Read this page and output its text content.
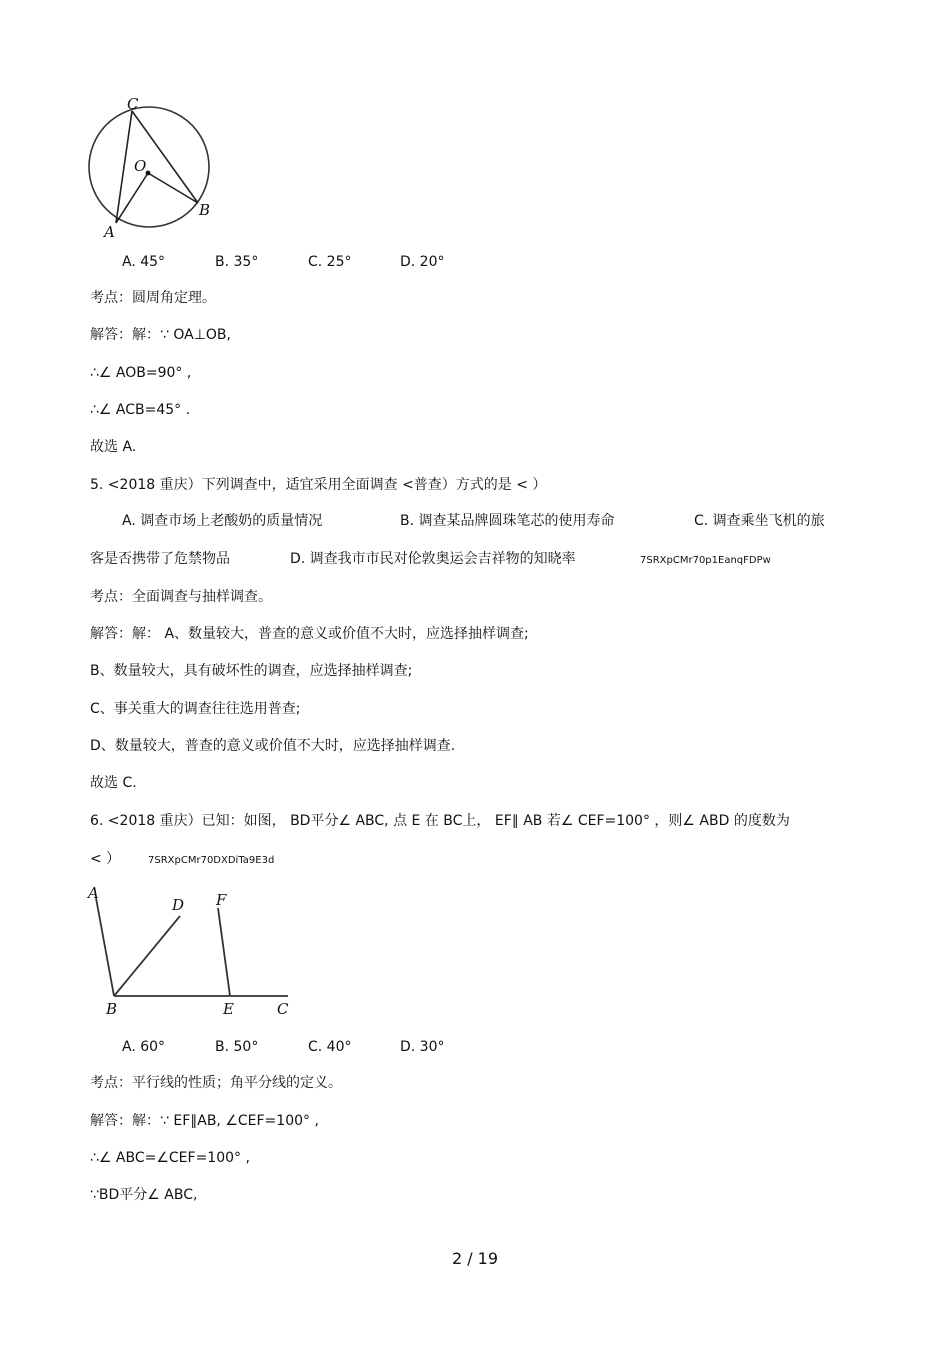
C
O
A
B
A. 45°	B. 35°	C. 25°	D. 20°
考点：圆周角定理。
解答：解：∵ OA⊥OB,
∴∠ AOB=90° ,
∴∠ ACB=45° .
故选 A.
5. <2018 重庆）下列调查中，适宜采用全面调查 <普查）方式的是 < ）
A. 调查市场上老酸奶的质量情况	B. 调查某品牌圆珠笔芯的使用寿命	C. 调查乘坐飞机的旅
客是否携带了危禁物品	D. 调查我市市民对伦敦奥运会吉祥物的知晓率	7SRXpCMr70p1EanqFDPw
考点：全面调查与抽样调查。
解答：解： A、数量较大，普查的意义或价值不大时，应选择抽样调查;
B、数量较大，具有破坏性的调查，应选择抽样调查;
C、事关重大的调查往往选用普查;
D、数量较大，普查的意义或价值不大时，应选择抽样调查.
故选 C.
6. <2018 重庆）已知：如图， BD平分∠ ABC, 点 E 在 BC上， EF∥ AB 若∠ CEF=100° ，则∠ ABD 的度数为
< ）	7SRXpCMr70DXDiTa9E3d
A
D F
B	E	C
A. 60°	B. 50°	C. 40°	D. 30°
考点：平行线的性质；角平分线的定义。
解答：解：∵ EF∥AB, ∠CEF=100° ,
∴∠ ABC=∠CEF=100° ,
∵BD平分∠ ABC,
2 / 19
